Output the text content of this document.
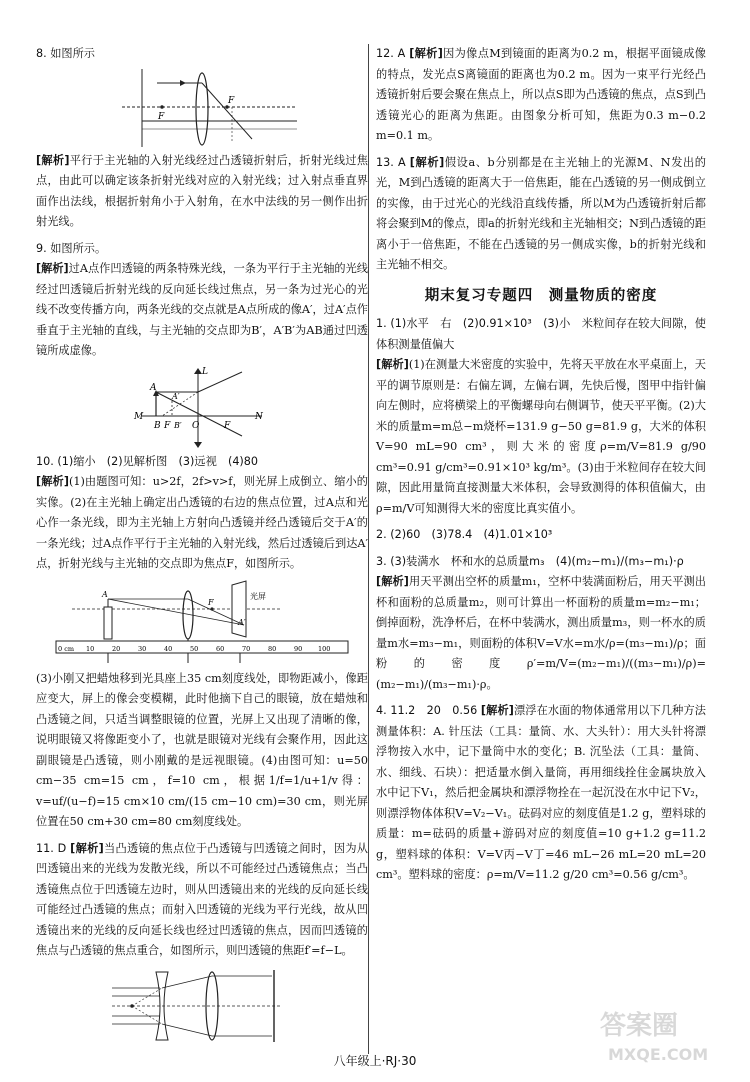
8. 如图所示

F
F

[ 解析 ] 平行于主光轴的入射光线经过凸透镜折射后，折射光线过焦点，由此可以确定该条折射光线对应的入射光线；过入射点垂直界面作出法线，根据折射角小于入射角，在水中法线的另一侧作出折射光线。

9. 如图所示。

[ 解析 ] 过A点作凹透镜的两条特殊光线，一条为平行于主光轴的光线经过凹透镜后折射光线的反向延长线过焦点，另一条为过光心的光线不改变传播方向，两条光线的交点就是A点所成的像A′，过A′点作垂直于主光轴的直线，与主光轴的交点即为B′，A′B′为AB通过凹透镜所成虚像。

A
A′
M
B F B′ O	F
N
L

10. (1)缩小　(2)见解析图　(3)远视　(4)80

[ 解析 ] (1)由题图可知：u>2f，2f>v>f，则光屏上成倒立、缩小的实像。(2)在主光轴上确定出凸透镜的右边的焦点位置，过A点和光心作一条光线，即为主光轴上方射向凸透镜并经凸透镜后交于A′的一条光线；过A点作平行于主光轴的入射光线，然后过透镜后到达A′点，折射光线与主光轴的交点即为焦点F，如图所示。

A
A′
F
光屏
0 cm 10	20	30	40	50	60	70	80	90 100

(3)小刚又把蜡烛移到光具座上35 cm刻度线处，即物距减小，像距应变大，屏上的像会变模糊，此时他摘下自己的眼镜，放在蜡烛和凸透镜之间，只适当调整眼镜的位置，光屏上又出现了清晰的像，说明眼镜又将像距变小了，也就是眼镜对光线有会聚作用，因此这副眼镜是凸透镜，则小刚戴的是远视眼镜。(4)由图可知：u=50 cm−35 cm=15 cm，f=10 cm，根据1/f=1/u+1/v得：v=uf/(u−f)=15 cm×10 cm/(15 cm−10 cm)=30 cm，则光屏位置在50 cm+30 cm=80 cm刻度线处。

11. D [ 解析 ] 当凸透镜的焦点位于凸透镜与凹透镜之间时，因为从凹透镜出来的光线为发散光线，所以不可能经过凸透镜焦点；当凸透镜焦点位于凹透镜左边时，则从凹透镜出来的光线的反向延长线可能经过凸透镜的焦点；而射入凹透镜的光线为平行光线，故从凹透镜出来的光线的反向延长线也经过凹透镜的焦点，因而凹透镜的焦点与凸透镜的焦点重合，如图所示，则凹透镜的焦距f′=f−L。

12. A [ 解析 ] 因为像点M到镜面的距离为0.2 m，根据平面镜成像的特点，发光点S离镜面的距离也为0.2 m。因为一束平行光经凸透镜折射后要会聚在焦点上，所以点S即为凸透镜的焦点，点S到凸透镜光心的距离为焦距。由图象分析可知，焦距为0.3 m−0.2 m=0.1 m。

13. A [ 解析 ] 假设a、b分别都是在主光轴上的光源M、N发出的光，M到凸透镜的距离大于一倍焦距，能在凸透镜的另一侧成倒立的实像，由于过光心的光线沿直线传播，所以M为凸透镜折射后都将会聚到M的像点，即a的折射光线和主光轴相交；N到凸透镜的距离小于一倍焦距，不能在凸透镜的另一侧成实像，b的折射光线和主光轴不相交。

期末复习专题四　测量物质的密度

1. (1)水平　右　(2)0.91×10³　(3)小　米粒间存在较大间隙，使体积测量值偏大

[ 解析 ] (1)在测量大米密度的实验中，先将天平放在水平桌面上，天平的调节原则是：右偏左调，左偏右调，先快后慢，图甲中指针偏向左侧时，应将横梁上的平衡螺母向右侧调节，使天平平衡。(2)大米的质量m=m总−m烧杯=131.9 g−50 g=81.9 g，大米的体积V=90 mL=90 cm³，则大米的密度ρ=m/V=81.9 g/90 cm³=0.91 g/cm³=0.91×10³ kg/m³。(3)由于米粒间存在较大间隙，因此用量筒直接测量大米体积，会导致测得的体积值偏大，由ρ=m/V可知测得大米的密度比真实值小。

2. (2)60　(3)78.4　(4)1.01×10³

3. (3)装满水　杯和水的总质量m₃　(4)(m₂−m₁)/(m₃−m₁)·ρ

[ 解析 ] 用天平测出空杯的质量m₁，空杯中装满面粉后，用天平测出杯和面粉的总质量m₂，则可计算出一杯面粉的质量m=m₂−m₁；倒掉面粉，洗净杯后，在杯中装满水，测出质量m₃，则一杯水的质量m水=m₃−m₁，则面粉的体积V=V水=m水/ρ=(m₃−m₁)/ρ；面粉的密度ρ′=m/V=(m₂−m₁)/((m₃−m₁)/ρ)=(m₂−m₁)/(m₃−m₁)·ρ。

4. 11.2　20　0.56 [ 解析 ] 漂浮在水面的物体通常用以下几种方法测量体积：A. 针压法（工具：量筒、水、大头针）：用大头针将漂浮物按入水中，记下量筒中水的变化；B. 沉坠法（工具：量筒、水、细线、石块）：把适量水倒入量筒，再用细线拴住金属块放入水中记下V₁，然后把金属块和漂浮物拴在一起沉没在水中记下V₂，则漂浮物体体积V=V₂−V₁。砝码对应的刻度值是1.2 g，塑料球的质量：m=砝码的质量+游码对应的刻度值=10 g+1.2 g=11.2 g，塑料球的体积：V=V丙−V丁=46 mL−26 mL=20 mL=20 cm³。塑料球的密度：ρ=m/V=11.2 g/20 cm³=0.56 g/cm³。

答案圈
MXQE.COM
八年级上·RJ·30
